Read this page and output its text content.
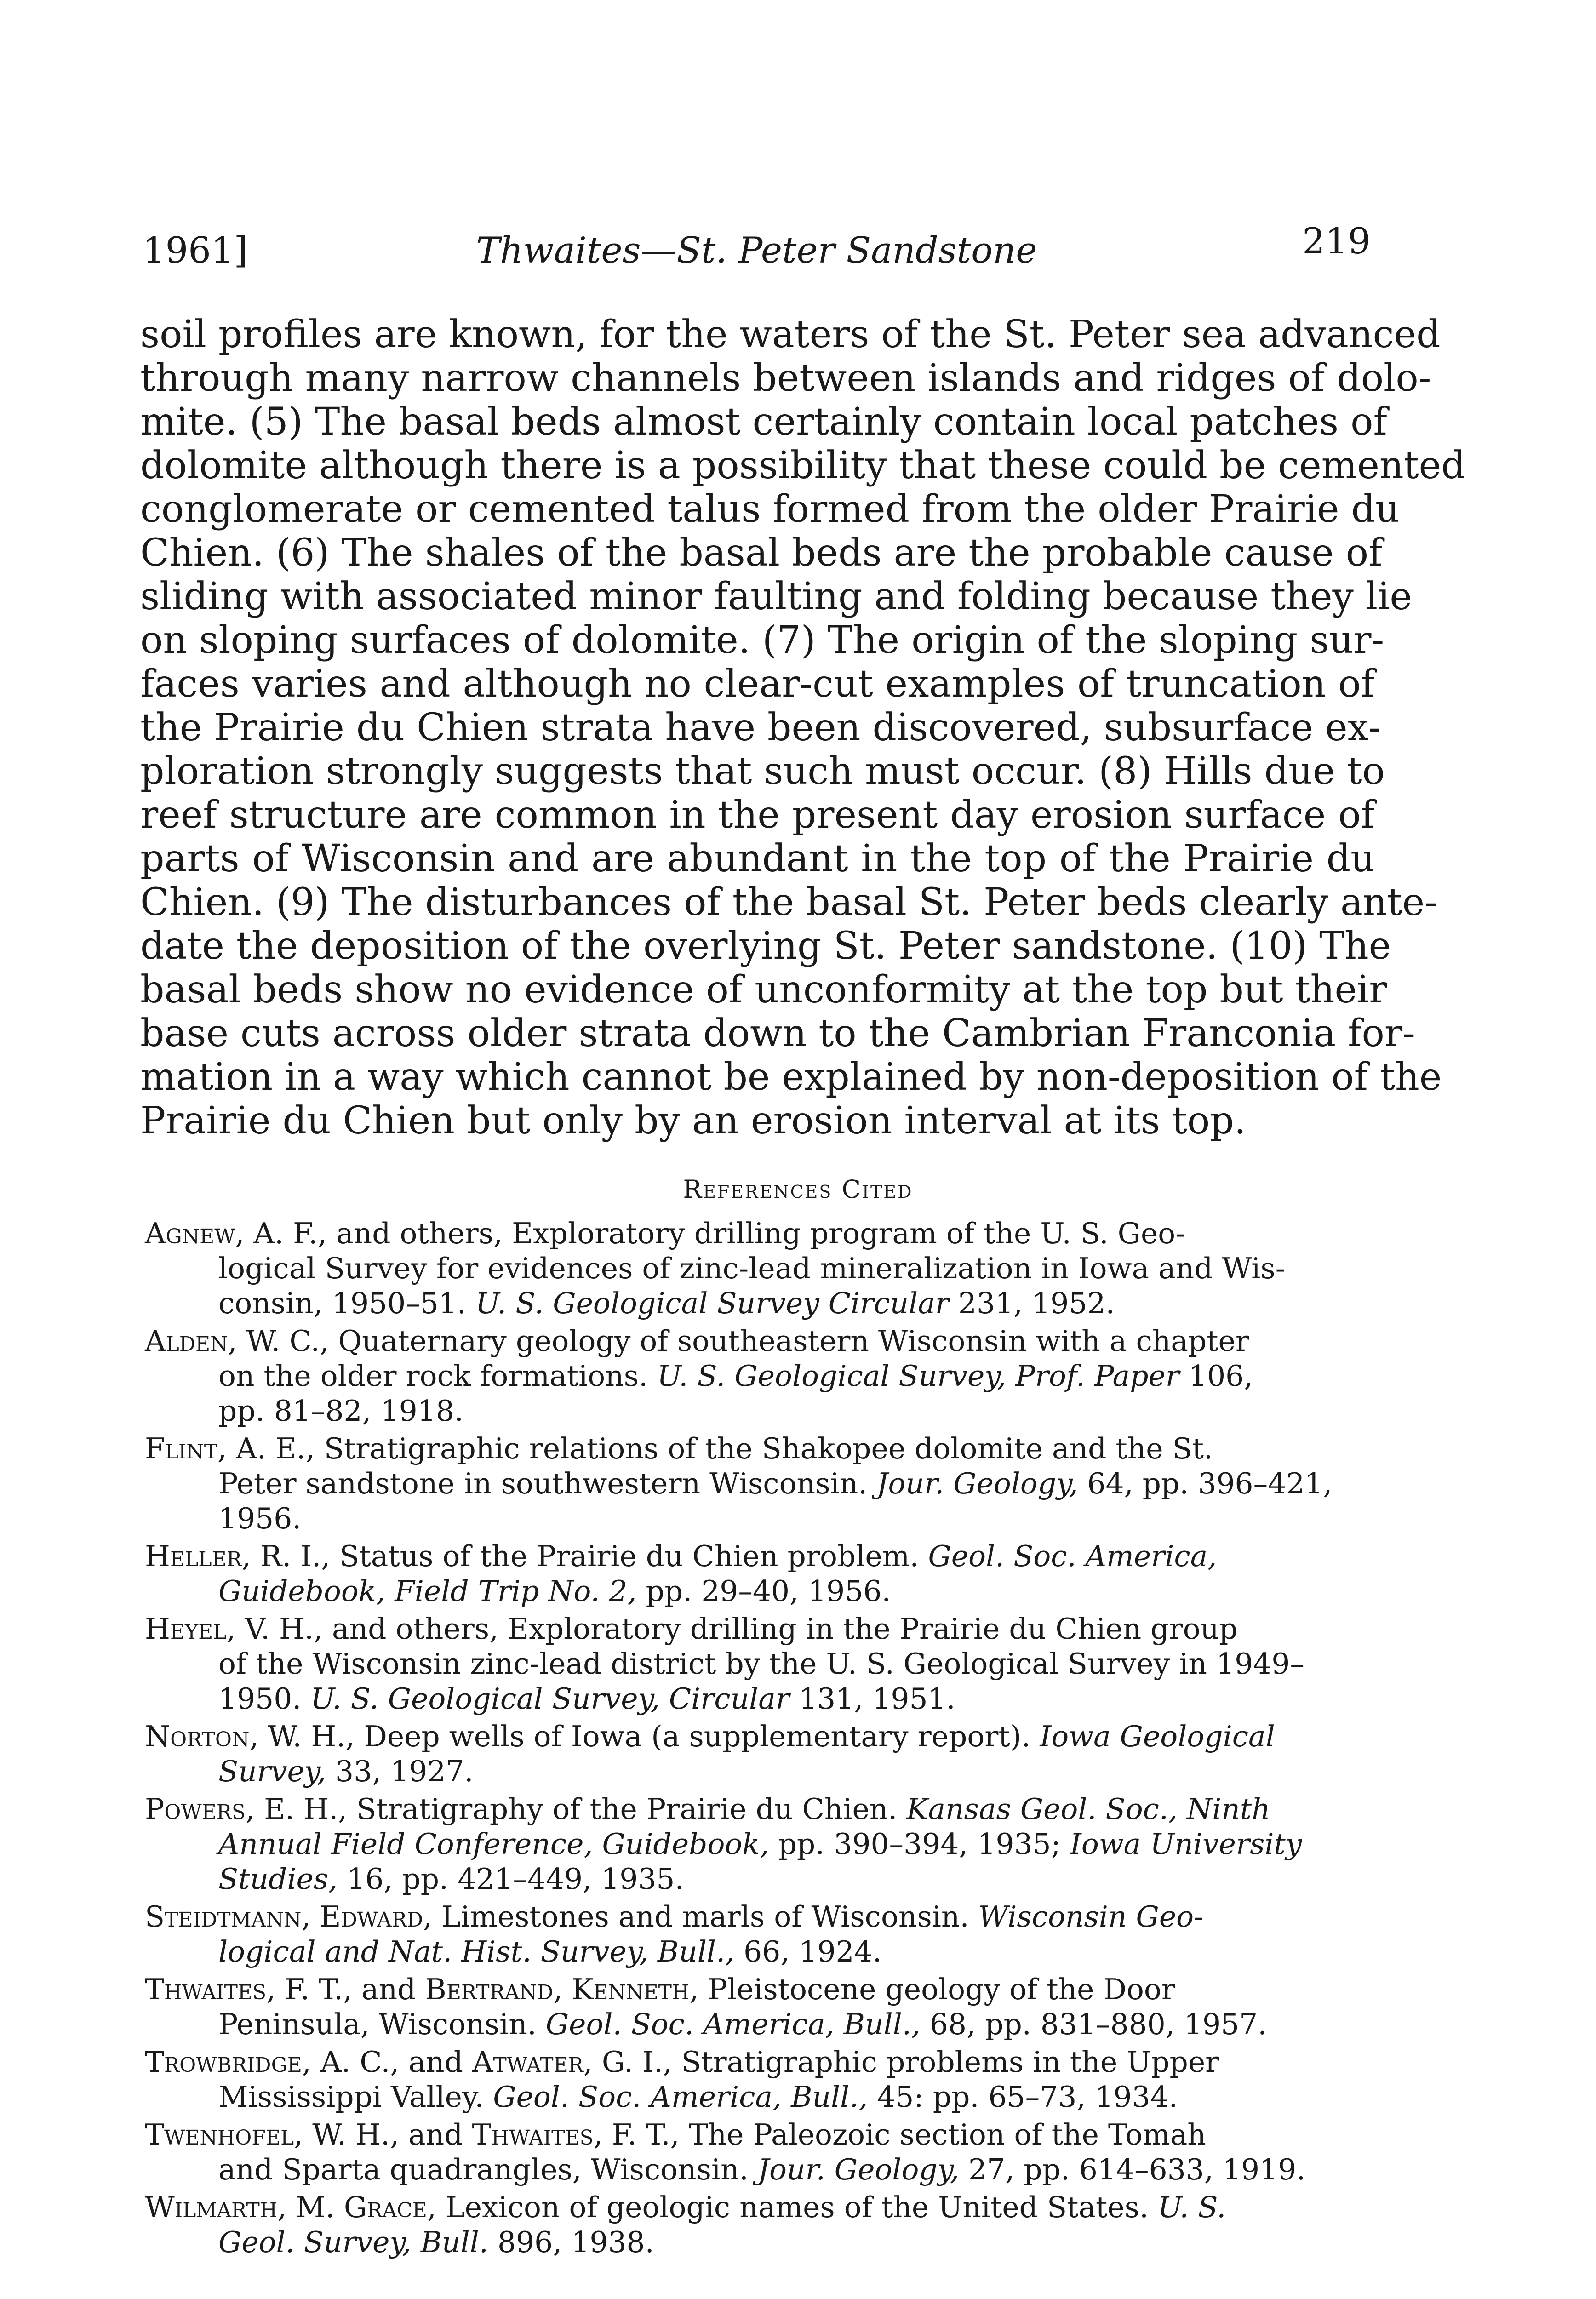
1961]	Thwaites—St. Peter Sandstone	219
soil profiles are known, for the waters of the St. Peter sea advanced
through many narrow channels between islands and ridges of dolo-
mite. (5) The basal beds almost certainly contain local patches of
dolomite although there is a possibility that these could be cemented
conglomerate or cemented talus formed from the older Prairie du
Chien. (6) The shales of the basal beds are the probable cause of
sliding with associated minor faulting and folding because they lie
on sloping surfaces of dolomite. (7) The origin of the sloping sur-
faces varies and although no clear-cut examples of truncation of
the Prairie du Chien strata have been discovered, subsurface ex-
ploration strongly suggests that such must occur. (8) Hills due to
reef structure are common in the present day erosion surface of
parts of Wisconsin and are abundant in the top of the Prairie du
Chien. (9) The disturbances of the basal St. Peter beds clearly ante-
date the deposition of the overlying St. Peter sandstone. (10) The
basal beds show no evidence of unconformity at the top but their
base cuts across older strata down to the Cambrian Franconia for-
mation in a way which cannot be explained by non-deposition of the
Prairie du Chien but only by an erosion interval at its top.
References Cited
Agnew, A. F., and others, Exploratory drilling program of the U. S. Geo-
logical Survey for evidences of zinc-lead mineralization in Iowa and Wis-
consin, 1950–51. U. S. Geological Survey Circular 231, 1952.
Alden, W. C., Quaternary geology of southeastern Wisconsin with a chapter
on the older rock formations. U. S. Geological Survey, Prof. Paper 106,
pp. 81–82, 1918.
Flint, A. E., Stratigraphic relations of the Shakopee dolomite and the St.
Peter sandstone in southwestern Wisconsin. Jour. Geology, 64, pp. 396–421,
1956.
Heller, R. I., Status of the Prairie du Chien problem. Geol. Soc. America,
Guidebook, Field Trip No. 2, pp. 29–40, 1956.
Heyel, V. H., and others, Exploratory drilling in the Prairie du Chien group
of the Wisconsin zinc-lead district by the U. S. Geological Survey in 1949–
1950. U. S. Geological Survey, Circular 131, 1951.
Norton, W. H., Deep wells of Iowa (a supplementary report). Iowa Geological
Survey, 33, 1927.
Powers, E. H., Stratigraphy of the Prairie du Chien. Kansas Geol. Soc., Ninth
Annual Field Conference, Guidebook, pp. 390–394, 1935; Iowa University
Studies, 16, pp. 421–449, 1935.
Steidtmann, Edward, Limestones and marls of Wisconsin. Wisconsin Geo-
logical and Nat. Hist. Survey, Bull., 66, 1924.
Thwaites, F. T., and Bertrand, Kenneth, Pleistocene geology of the Door
Peninsula, Wisconsin. Geol. Soc. America, Bull., 68, pp. 831–880, 1957.
Trowbridge, A. C., and Atwater, G. I., Stratigraphic problems in the Upper
Mississippi Valley. Geol. Soc. America, Bull., 45: pp. 65–73, 1934.
Twenhofel, W. H., and Thwaites, F. T., The Paleozoic section of the Tomah
and Sparta quadrangles, Wisconsin. Jour. Geology, 27, pp. 614–633, 1919.
Wilmarth, M. Grace, Lexicon of geologic names of the United States. U. S.
Geol. Survey, Bull. 896, 1938.
